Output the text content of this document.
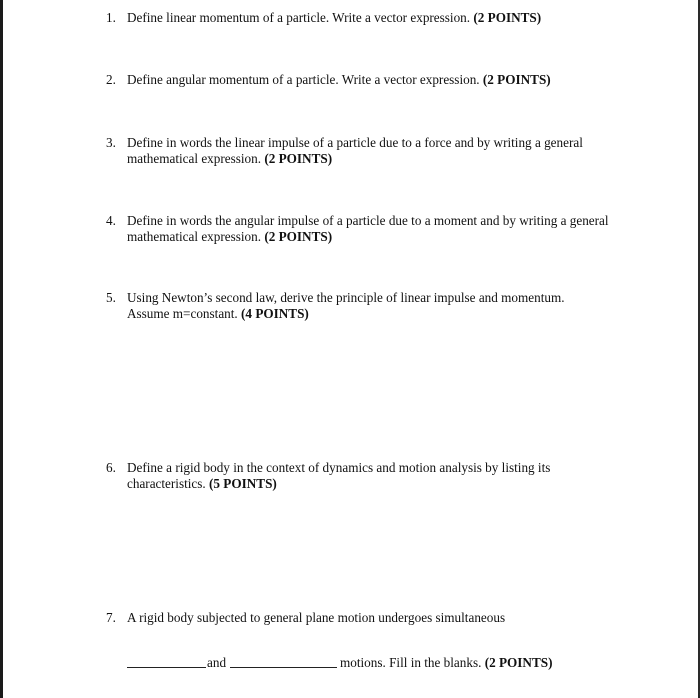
1. Define linear momentum of a particle. Write a vector expression. (2 POINTS)
2. Define angular momentum of a particle. Write a vector expression. (2 POINTS)
3. Define in words the linear impulse of a particle due to a force and by writing a general mathematical expression. (2 POINTS)
4. Define in words the angular impulse of a particle due to a moment and by writing a general mathematical expression. (2 POINTS)
5. Using Newton’s second law, derive the principle of linear impulse and momentum. Assume m=constant. (4 POINTS)
6. Define a rigid body in the context of dynamics and motion analysis by listing its characteristics. (5 POINTS)
7. A rigid body subjected to general plane motion undergoes simultaneous
and	motions. Fill in the blanks. (2 POINTS)
